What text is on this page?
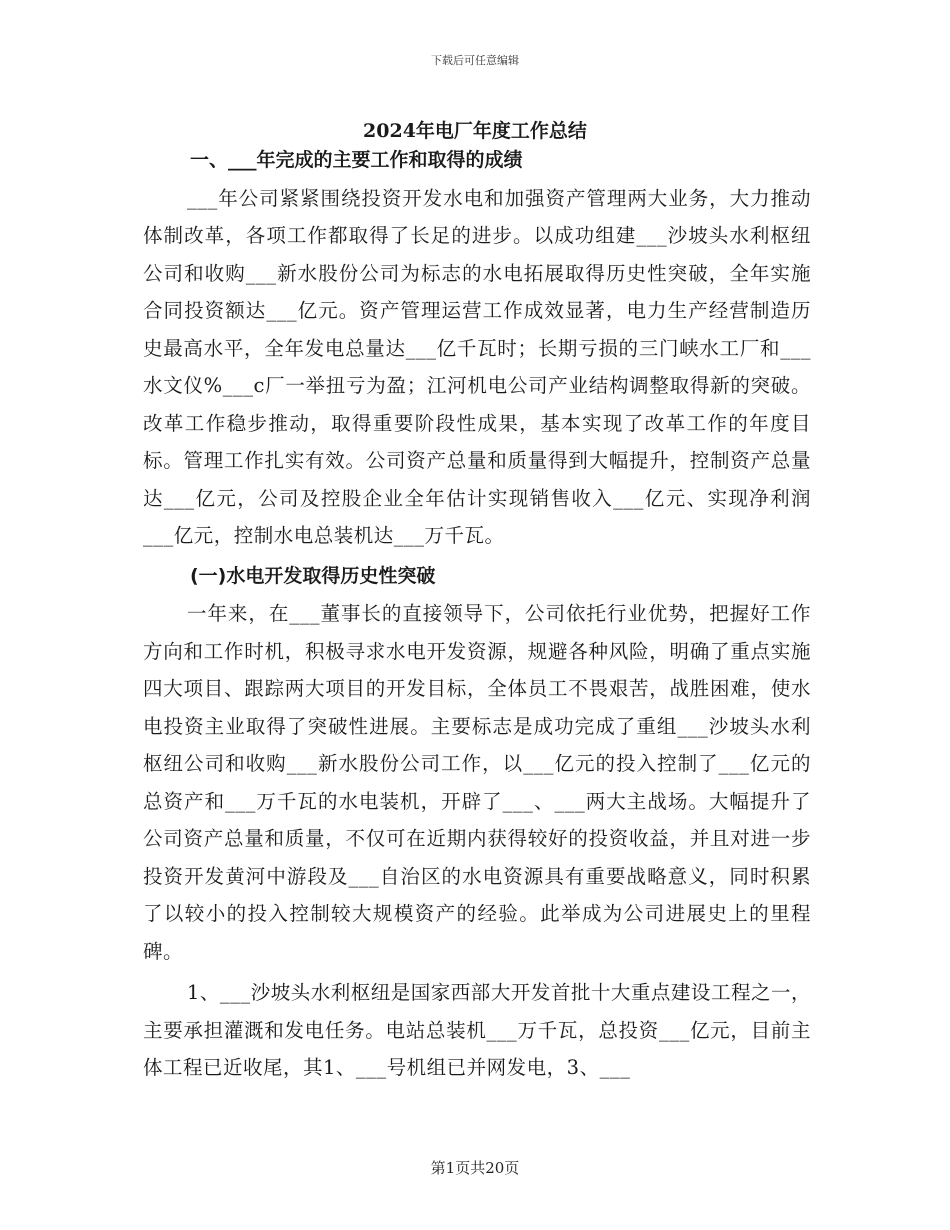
下载后可任意编辑
2024年电厂年度工作总结

一、___年完成的主要工作和取得的成绩

___年公司紧紧围绕投资开发水电和加强资产管理两大业务，大力推动体制改革，各项工作都取得了长足的进步。以成功组建___沙坡头水利枢纽公司和收购___新水股份公司为标志的水电拓展取得历史性突破，全年实施合同投资额达___亿元。资产管理运营工作成效显著，电力生产经营制造历史最高水平，全年发电总量达___亿千瓦时；长期亏损的三门峡水工厂和___水文仪%___c厂一举扭亏为盈；江河机电公司产业结构调整取得新的突破。改革工作稳步推动，取得重要阶段性成果，基本实现了改革工作的年度目标。管理工作扎实有效。公司资产总量和质量得到大幅提升，控制资产总量达___亿元，公司及控股企业全年估计实现销售收入___亿元、实现净利润___亿元，控制水电总装机达___万千瓦。

(一)水电开发取得历史性突破

一年来，在___董事长的直接领导下，公司依托行业优势，把握好工作方向和工作时机，积极寻求水电开发资源，规避各种风险，明确了重点实施四大项目、跟踪两大项目的开发目标，全体员工不畏艰苦，战胜困难，使水电投资主业取得了突破性进展。主要标志是成功完成了重组___沙坡头水利枢纽公司和收购___新水股份公司工作，以___亿元的投入控制了___亿元的总资产和___万千瓦的水电装机，开辟了___、___两大主战场。大幅提升了公司资产总量和质量，不仅可在近期内获得较好的投资收益，并且对进一步投资开发黄河中游段及___自治区的水电资源具有重要战略意义，同时积累了以较小的投入控制较大规模资产的经验。此举成为公司进展史上的里程碑。

1、___沙坡头水利枢纽是国家西部大开发首批十大重点建设工程之一，主要承担灌溉和发电任务。电站总装机___万千瓦，总投资___亿元，目前主体工程已近收尾，其1、___号机组已并网发电，3、___

第1页共20页
